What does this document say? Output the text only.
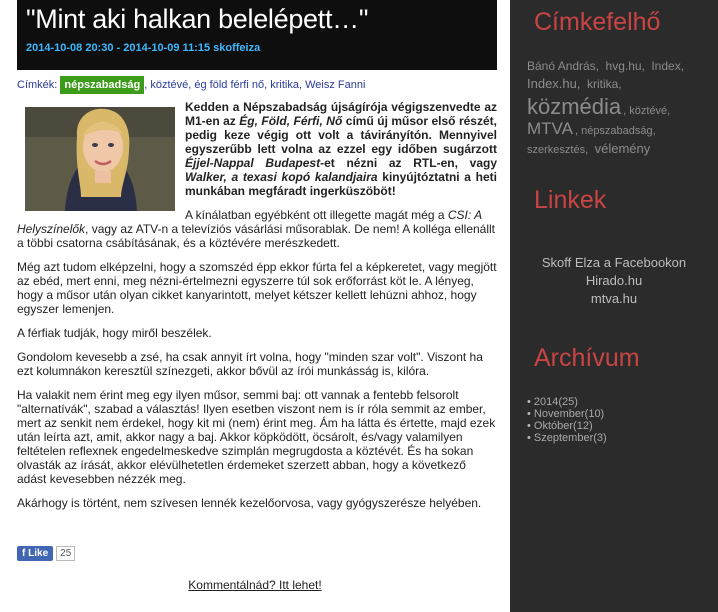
"Mint aki halkan belelépett…"
2014-10-08 20:30 - 2014-10-09 11:15 skoffeiza
Címkék: népszabadság , köztévé, ég föld férfi nő, kritika, Weisz Fanni

Kedden a Népszabadság újságírója végigszenvedte az M1-en az Ég, Föld, Férfi, Nő című új műsor első részét, pedig keze végig ott volt a távirányítón. Mennyivel egyszerűbb lett volna az ezzel egy időben sugárzott Éjjel-Nappal Budapest-et nézni az RTL-en, vagy Walker, a texasi kopó kalandjaira kinyújtóztatni a heti munkában megfáradt ingerküszöböt!

A kínálatban egyébként ott illegette magát még a CSI: A Helyszínelők, vagy az ATV-n a televíziós vásárlási műsorablak. De nem! A kolléga ellenállt a többi csatorna csábításának, és a köztévére merészkedett.

Még azt tudom elképzelni, hogy a szomszéd épp ekkor fúrta fel a képkeretet, vagy megjött az ebéd, mert enni, meg nézni-értelmezni egyszerre túl sok erőforrást köt le. A lényeg, hogy a műsor után olyan cikket kanyarintott, melyet kétszer kellett lehúzni ahhoz, hogy egyszer lemenjen.

A férfiak tudják, hogy miről beszélek.

Gondolom kevesebb a zsé, ha csak annyit írt volna, hogy "minden szar volt". Viszont ha ezt kolumnákon keresztül színezgeti, akkor bővül az írói munkásság is, kilóra.

Ha valakit nem érint meg egy ilyen műsor, semmi baj: ott vannak a fentebb felsorolt "alternatívák", szabad a választás! Ilyen esetben viszont nem is ír róla semmit az ember, mert az senkit nem érdekel, hogy kit mi (nem) érint meg. Ám ha látta és értette, majd ezek után leírta azt, amit, akkor nagy a baj. Akkor köpködött, öcsárolt, és/vagy valamilyen feltételen reflexnek engedelmeskedve szimplán megrugdosta a köztévét. És ha sokan olvasták az írását, akkor elévülhetetlen érdemeket szerzett abban, hogy a következő adást kevesebben nézzék meg.

Akárhogy is történt, nem szívesen lennék kezelőorvosa, vagy gyógyszerésze helyében.

f Like 25
Kommentálnád? Itt lehet!
Címkefelhő
Bánó András, hvg.hu, Index,
Index.hu, kritika,
közmédia , köztévé,
MTVA , népszabadság,
szerkesztés, vélemény
Linkek
Skoff Elza a Facebookon
Hirado.hu
mtva.hu
Archívum
• 2014(25)
• November(10)
• Október(12)
• Szeptember(3)
